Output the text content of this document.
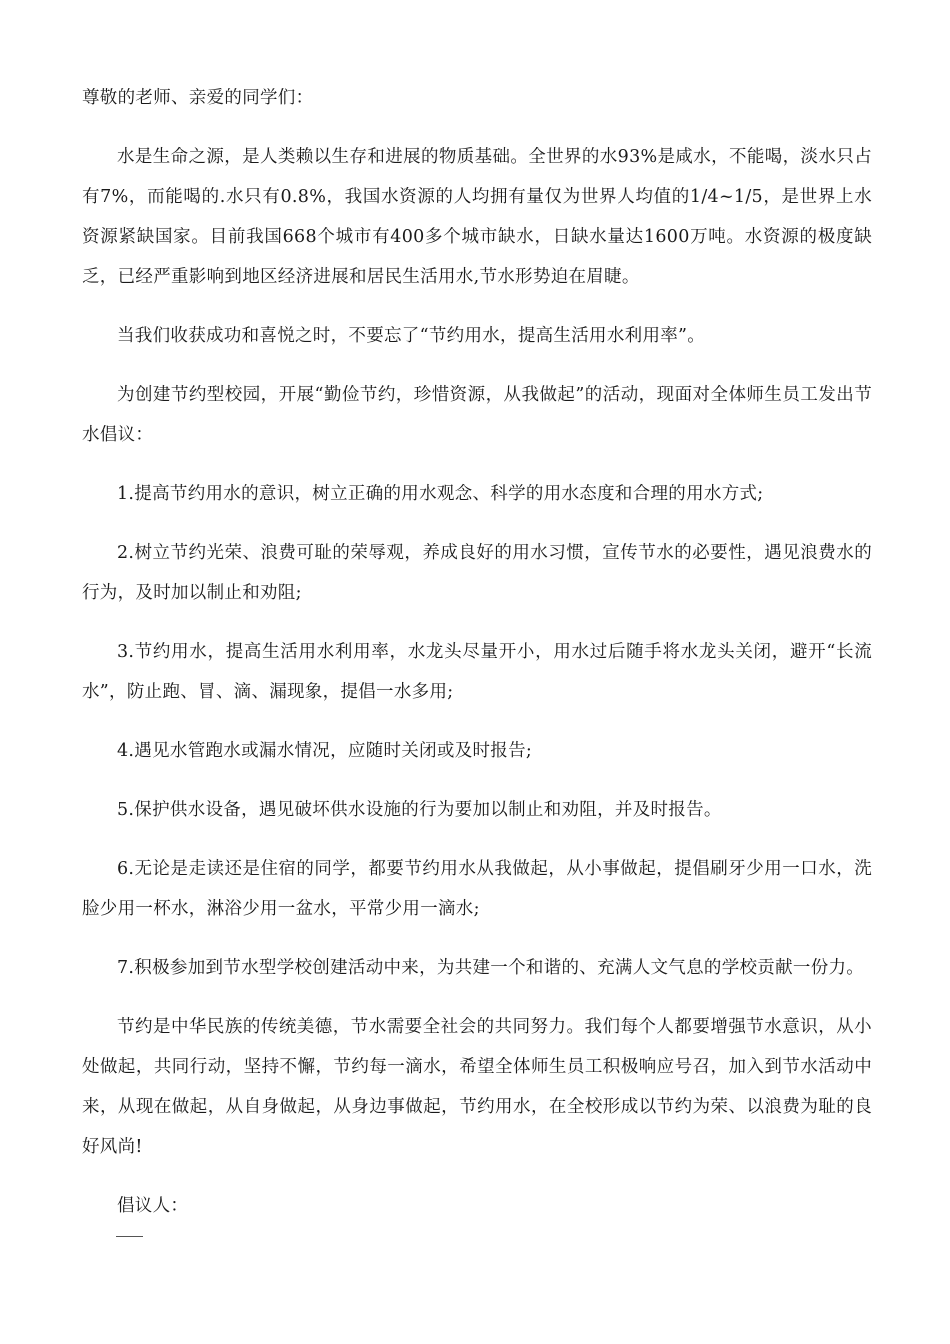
尊敬的老师、亲爱的同学们：

水是生命之源，是人类赖以生存和进展的物质基础。全世界的水93%是咸水，不能喝，淡水只占有7%，而能喝的.水只有0.8%，我国水资源的人均拥有量仅为世界人均值的1/4~1/5，是世界上水资源紧缺国家。目前我国668个城市有400多个城市缺水，日缺水量达1600万吨。水资源的极度缺乏，已经严重影响到地区经济进展和居民生活用水,节水形势迫在眉睫。

当我们收获成功和喜悦之时，不要忘了“节约用水，提高生活用水利用率”。

为创建节约型校园，开展“勤俭节约，珍惜资源，从我做起”的活动，现面对全体师生员工发出节水倡议：

1.提高节约用水的意识，树立正确的用水观念、科学的用水态度和合理的用水方式;

2.树立节约光荣、浪费可耻的荣辱观，养成良好的用水习惯，宣传节水的必要性，遇见浪费水的行为，及时加以制止和劝阻;

3.节约用水，提高生活用水利用率，水龙头尽量开小，用水过后随手将水龙头关闭，避开“长流水”，防止跑、冒、滴、漏现象，提倡一水多用;

4.遇见水管跑水或漏水情况，应随时关闭或及时报告;

5.保护供水设备，遇见破坏供水设施的行为要加以制止和劝阻，并及时报告。

6.无论是走读还是住宿的同学，都要节约用水从我做起，从小事做起，提倡刷牙少用一口水，洗脸少用一杯水，淋浴少用一盆水，平常少用一滴水;

7.积极参加到节水型学校创建活动中来，为共建一个和谐的、充满人文气息的学校贡献一份力。

节约是中华民族的传统美德，节水需要全社会的共同努力。我们每个人都要增强节水意识，从小处做起，共同行动，坚持不懈，节约每一滴水，希望全体师生员工积极响应号召，加入到节水活动中来，从现在做起，从自身做起，从身边事做起，节约用水，在全校形成以节约为荣、以浪费为耻的良好风尚!

倡议人：
